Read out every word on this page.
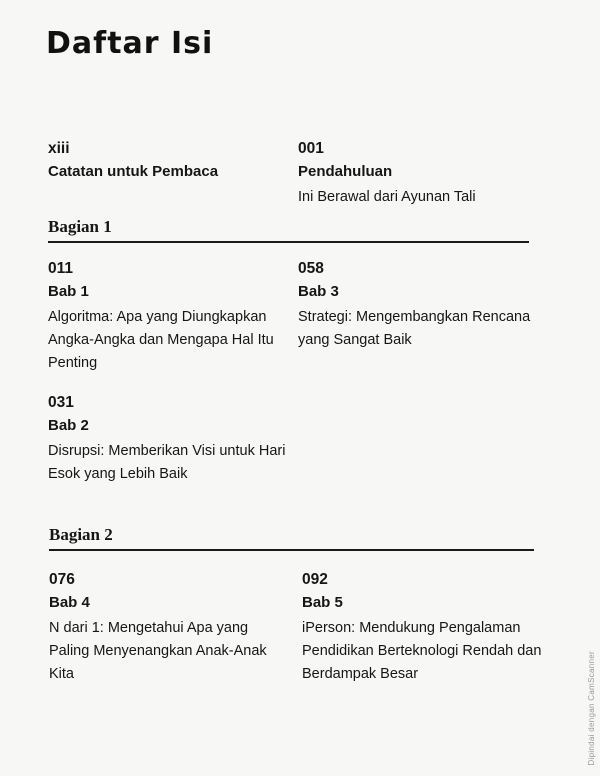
Daftar Isi
xiii
Catatan untuk Pembaca
001
Pendahuluan
Ini Berawal dari Ayunan Tali
Bagian 1
011
Bab 1
Algoritma: Apa yang Diungkapkan Angka-Angka dan Mengapa Hal Itu Penting
058
Bab 3
Strategi: Mengembangkan Rencana yang Sangat Baik
031
Bab 2
Disrupsi: Memberikan Visi untuk Hari Esok yang Lebih Baik
Bagian 2
076
Bab 4
N dari 1: Mengetahui Apa yang Paling Menyenangkan Anak-Anak Kita
092
Bab 5
iPerson: Mendukung Pengalaman Pendidikan Berteknologi Rendah dan Berdampak Besar	Dipindai dengan CamScanner
